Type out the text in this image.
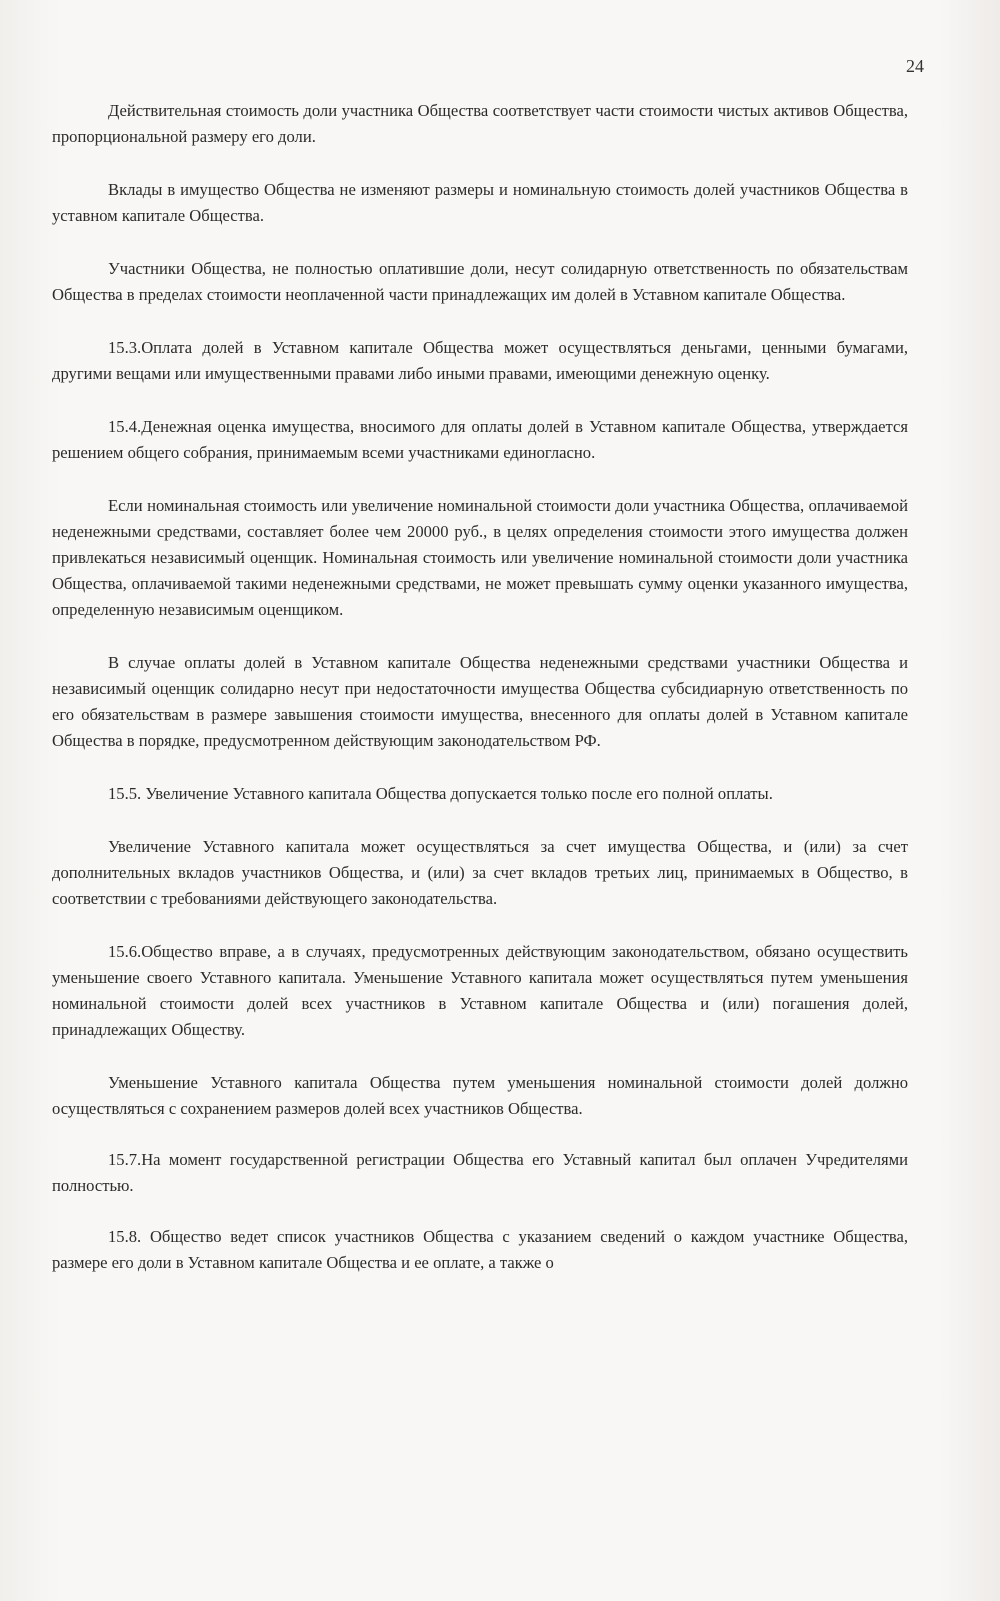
24

Действительная стоимость доли участника Общества соответствует части стоимости чистых активов Общества, пропорциональной размеру его доли.

Вклады в имущество Общества не изменяют размеры и номинальную стоимость долей участников Общества в уставном капитале Общества.

Участники Общества, не полностью оплатившие доли, несут солидарную ответственность по обязательствам Общества в пределах стоимости неоплаченной части принадлежащих им долей в Уставном капитале Общества.

15.3.Оплата долей в Уставном капитале Общества может осуществляться деньгами, ценными бумагами, другими вещами или имущественными правами либо иными правами, имеющими денежную оценку.

15.4.Денежная оценка имущества, вносимого для оплаты долей в Уставном капитале Общества, утверждается решением общего собрания, принимаемым всеми участниками единогласно.

Если номинальная стоимость или увеличение номинальной стоимости доли участника Общества, оплачиваемой неденежными средствами, составляет более чем 20000 руб., в целях определения стоимости этого имущества должен привлекаться независимый оценщик. Номинальная стоимость или увеличение номинальной стоимости доли участника Общества, оплачиваемой такими неденежными средствами, не может превышать сумму оценки указанного имущества, определенную независимым оценщиком.

В случае оплаты долей в Уставном капитале Общества неденежными средствами участники Общества и независимый оценщик солидарно несут при недостаточности имущества Общества субсидиарную ответственность по его обязательствам в размере завышения стоимости имущества, внесенного для оплаты долей в Уставном капитале Общества в порядке, предусмотренном действующим законодательством РФ.

15.5. Увеличение Уставного капитала Общества допускается только после его полной оплаты.

Увеличение Уставного капитала может осуществляться за счет имущества Общества, и (или) за счет дополнительных вкладов участников Общества, и (или) за счет вкладов третьих лиц, принимаемых в Общество, в соответствии с требованиями действующего законодательства.

15.6.Общество вправе, а в случаях, предусмотренных действующим законодательством, обязано осуществить уменьшение своего Уставного капитала. Уменьшение Уставного капитала может осуществляться путем уменьшения номинальной стоимости долей всех участников в Уставном капитале Общества и (или) погашения долей, принадлежащих Обществу.

Уменьшение Уставного капитала Общества путем уменьшения номинальной стоимости долей должно осуществляться с сохранением размеров долей всех участников Общества.

15.7.На момент государственной регистрации Общества его Уставный капитал был оплачен Учредителями полностью.

15.8. Общество ведет список участников Общества с указанием сведений о каждом участнике Общества, размере его доли в Уставном капитале Общества и ее оплате, а также о
